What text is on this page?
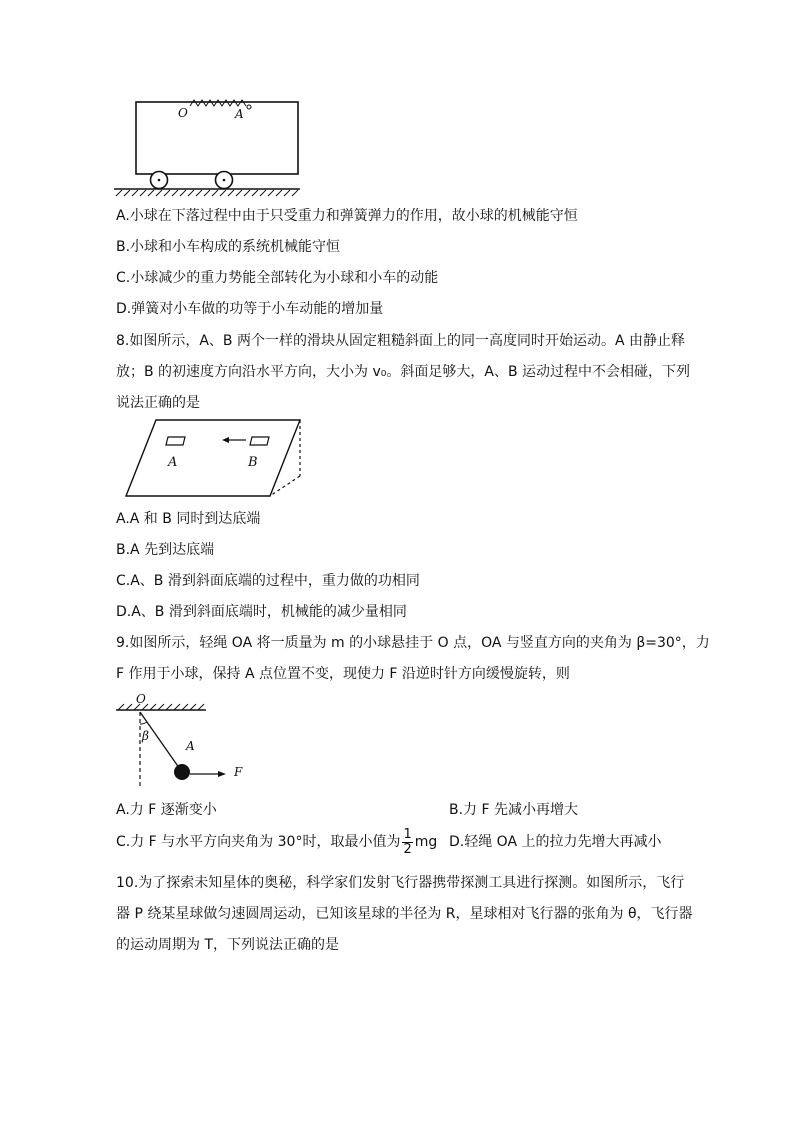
O	A
A.小球在下落过程中由于只受重力和弹簧弹力的作用，故小球的机械能守恒
B.小球和小车构成的系统机械能守恒
C.小球减少的重力势能全部转化为小球和小车的动能
D.弹簧对小车做的功等于小车动能的增加量
8.如图所示，A、B 两个一样的滑块从固定粗糙斜面上的同一高度同时开始运动。A 由静止释
放；B 的初速度方向沿水平方向，大小为 v₀。斜面足够大，A、B 运动过程中不会相碰，下列
说法正确的是
A	B
A.A 和 B 同时到达底端
B.A 先到达底端
C.A、B 滑到斜面底端的过程中，重力做的功相同
D.A、B 滑到斜面底端时，机械能的减少量相同
9.如图所示，轻绳 OA 将一质量为 m 的小球悬挂于 O 点，OA 与竖直方向的夹角为 β=30°，力
F 作用于小球，保持 A 点位置不变，现使力 F 沿逆时针方向缓慢旋转，则
O
β
A
F
A.力 F 逐渐变小	B.力 F 先减小再增大
C.力 F 与水平方向夹角为 30°时，取最小值为 $\frac{1}{2}$ mg D.轻绳 OA 上的拉力先增大再减小
10.为了探索未知星体的奥秘，科学家们发射飞行器携带探测工具进行探测。如图所示，飞行
器 P 绕某星球做匀速圆周运动，已知该星球的半径为 R，星球相对飞行器的张角为 θ，飞行器
的运动周期为 T，下列说法正确的是
